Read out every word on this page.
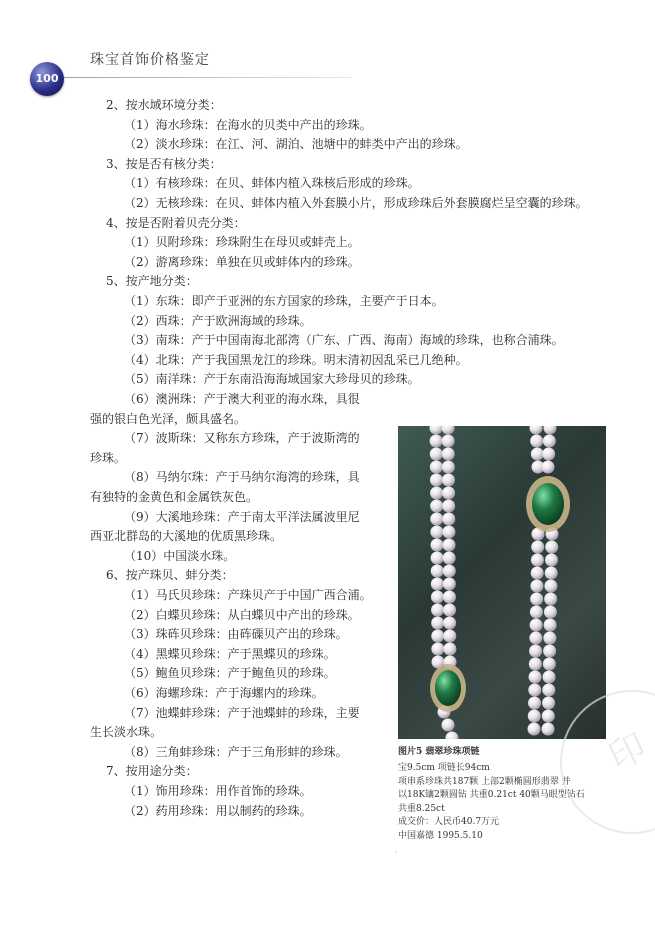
珠宝首饰价格鉴定
100
2、按水域环境分类：
（1）海水珍珠：在海水的贝类中产出的珍珠。
（2）淡水珍珠：在江、河、湖泊、池塘中的蚌类中产出的珍珠。
3、按是否有核分类：
（1）有核珍珠：在贝、蚌体内植入珠核后形成的珍珠。
（2）无核珍珠：在贝、蚌体内植入外套膜小片，形成珍珠后外套膜腐烂呈空囊的珍珠。
4、按是否附着贝壳分类：
（1）贝附珍珠：珍珠附生在母贝或蚌壳上。
（2）游离珍珠：单独在贝或蚌体内的珍珠。
5、按产地分类：
（1）东珠：即产于亚洲的东方国家的珍珠，主要产于日本。
（2）西珠：产于欧洲海域的珍珠。
（3）南珠：产于中国南海北部湾（广东、广西、海南）海域的珍珠，也称合浦珠。
（4）北珠：产于我国黑龙江的珍珠。明末清初因乱采已几绝种。
（5）南洋珠：产于东南沿海海域国家大珍母贝的珍珠。
（6）澳洲珠：产于澳大利亚的海水珠，具很
强的银白色光泽，颇具盛名。
（7）波斯珠：又称东方珍珠，产于波斯湾的
珍珠。
（8）马纳尔珠：产于马纳尔海湾的珍珠，具
有独特的金黄色和金属铁灰色。
（9）大溪地珍珠：产于南太平洋法属波里尼
西亚北群岛的大溪地的优质黑珍珠。
（10）中国淡水珠。
6、按产珠贝、蚌分类：
（1）马氏贝珍珠：产珠贝产于中国广西合浦。
（2）白蝶贝珍珠：从白蝶贝中产出的珍珠。
（3）珠砗贝珍珠：由砗磲贝产出的珍珠。
（4）黑蝶贝珍珠：产于黑蝶贝的珍珠。
（5）鲍鱼贝珍珠：产于鲍鱼贝的珍珠。
（6）海螺珍珠：产于海螺内的珍珠。
（7）池蝶蚌珍珠：产于池蝶蚌的珍珠，主要
生长淡水珠。
（8）三角蚌珍珠：产于三角形蚌的珍珠。
7、按用途分类：
（1）饰用珍珠：用作首饰的珍珠。
（2）药用珍珠：用以制药的珍珠。
图片5 翡翠珍珠项链
宝9.5cm 项链长94cm
项串系珍珠共187颗 上部2颗椭圆形翡翠 并
以18K镶2颗圆钻 共重0.21ct 40颗马眼型钻石
共重8.25ct
成交价：人民币40.7万元
中国嘉德 1995.5.10
印
·
